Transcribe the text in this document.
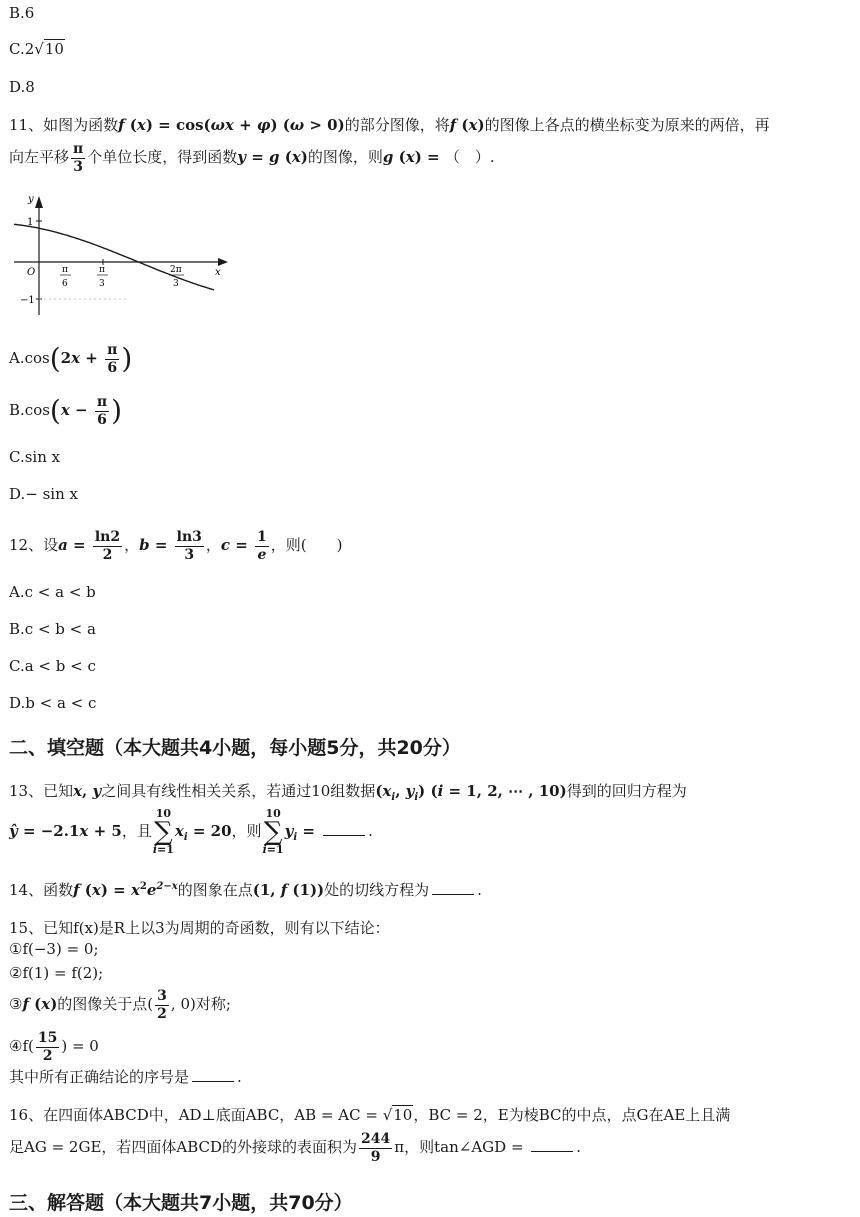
B.6
C.2√10
D.8
11、如图为函数f (x) = cos(ωx + φ) (ω > 0)的部分图像，将f (x)的图像上各点的横坐标变为原来的两倍，再
向左平移 $\frac{\pi}{3}$ 个单位长度，得到函数y = g (x)的图像，则g (x) = （　）.
y
x
1
−1
O	π
6
π
3
2π
3
$A.\cos(2x + \frac{\pi}{6}$ )
$B.\cos(x - \frac{\pi}{6}$ )
C.sin x
D.− sin x
12、设$a = \frac{\ln 2}{2}$ ，$b = \frac{\ln 3}{3}$ ，$c = \frac{1}{e}$ ，则(　　)
A.c < a < b
B.c < b < a
C.a < b < c
D.b < a < c
二、填空题（本大题共4小题，每小题5分，共20分）
13、已知x, y之间具有线性相关关系，若通过10组数据($x_i$, $y_i$) (i = 1, 2, ⋯ , 10)得到的回归方程为
ŷ = −2.1x + 5，且
10
∑
i=1
$x_i = 20$，则
10
∑
i=1
$y_i$ =	.
14、函数f $(x) = x^2e^{2-x}$的图象在点(1, f (1))处的切线方程为	.
15、已知f(x)是R上以3为周期的奇函数，则有以下结论：
①f(−3) = 0;
②f(1) = f(2);
③f (x)的图像关于点( $\frac{3}{2}$ , 0)对称;
④f( $\frac{15}{2}$ ) = 0
其中所有正确结论的序号是	.
16、在四面体ABCD中，AD⊥底面ABC，AB = AC = √10，BC = 2，E为棱BC的中点，点G在AE上且满
足AG = 2GE，若四面体ABCD的外接球的表面积为 $\frac{244}{9}$ π，则tan∠AGD =	.
三、解答题（本大题共7小题，共70分）
